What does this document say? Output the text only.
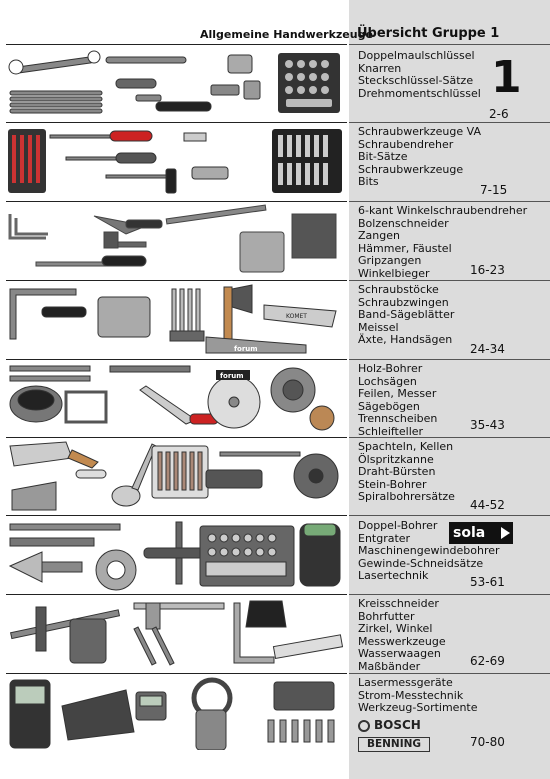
Allgemeine Handwerkzeuge
Übersicht Gruppe 1
1
KOMET
forum
forum
Doppelmaulschlüssel
Knarren
Steckschlüssel-Sätze
Drehmomentschlüssel
2-6
Schraubwerkzeuge VA
Schraubendreher
Bit-Sätze
Schraubwerkzeuge
Bits
7-15
6-kant Winkelschraubendreher
Bolzenschneider
Zangen
Hämmer, Fäustel
Gripzangen
Winkelbieger	16-23
Schraubstöcke
Schraubzwingen
Band-Sägeblätter
Meissel
Äxte, Handsägen
24-34
Holz-Bohrer
Lochsägen
Feilen, Messer
Sägebögen
Trennscheiben
Schleifteller	35-43
Spachteln, Kellen
Ölspritzkanne
Draht-Bürsten
Stein-Bohrer
Spiralbohrersätze
44-52
Doppel-Bohrer
Entgrater
Maschinengewindebohrer
Gewinde-Schneidsätze
Lasertechnik	53-61
sola
Kreisschneider
Bohrfutter
Zirkel, Winkel
Messwerkzeuge
Wasserwaagen
Maßbänder	62-69
Lasermessgeräte
Strom-Messtechnik
Werkzeug-Sortimente
70-80
BOSCH
BENNING
